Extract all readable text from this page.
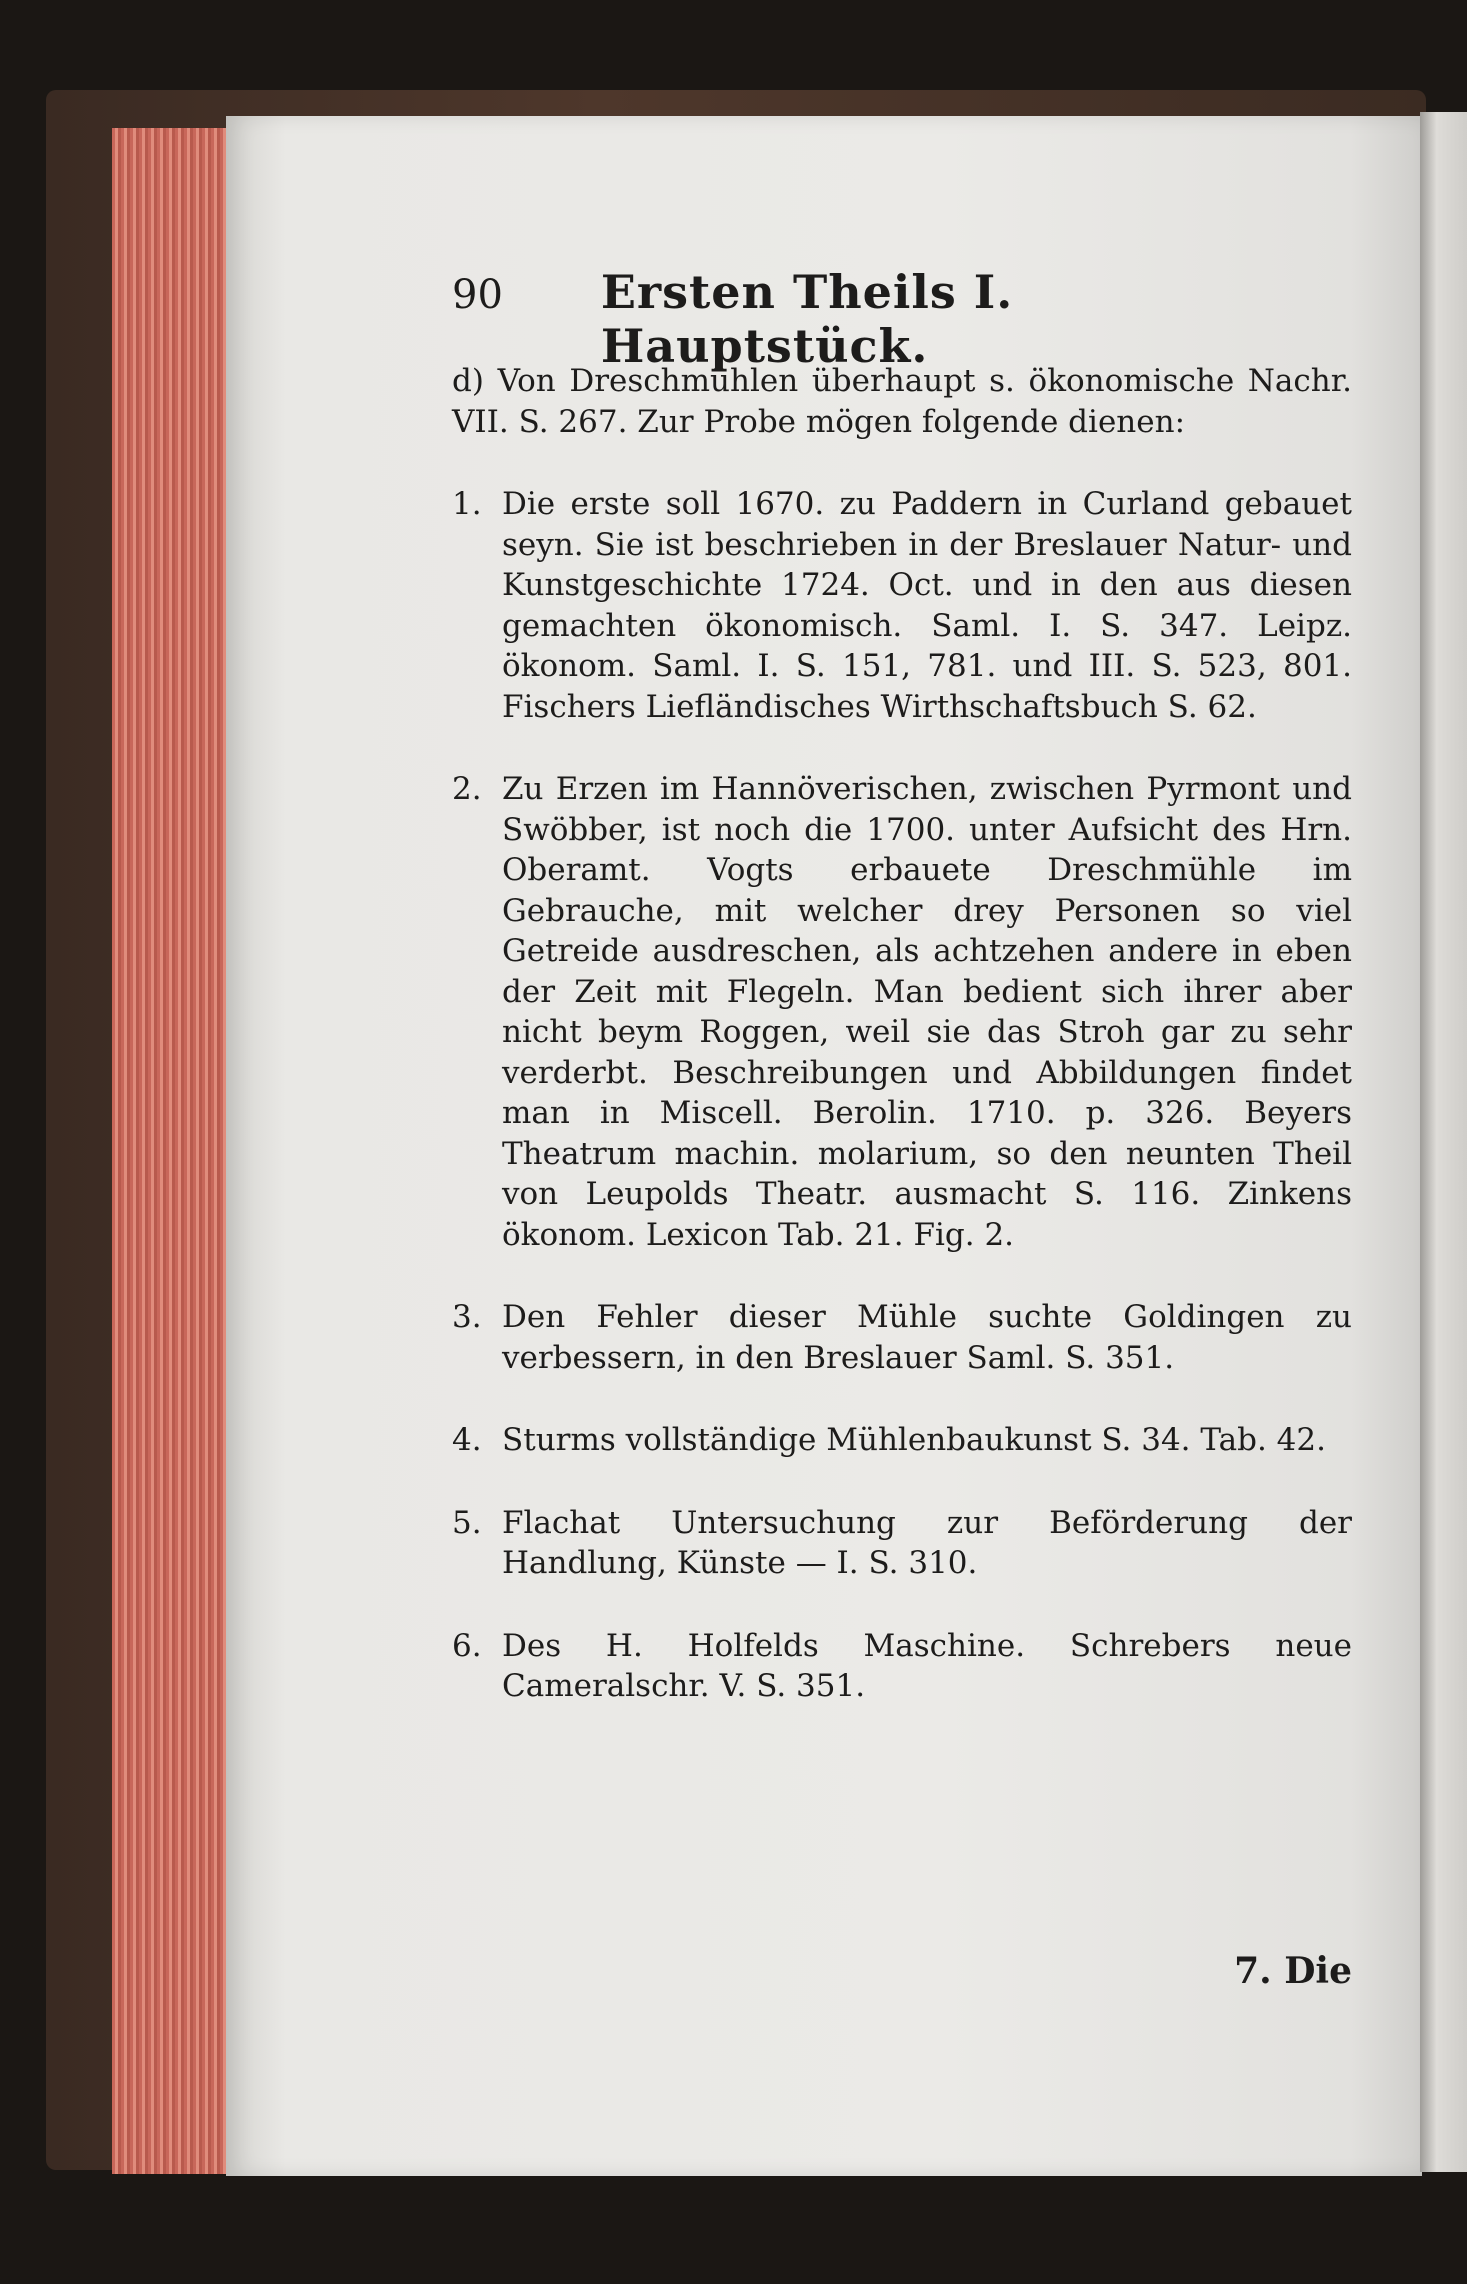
90	Ersten Theils I. Hauptstück.
d) Von Dreschmühlen überhaupt s. ökonomische Nachr. VII. S. 267. Zur Probe mögen folgende dienen:
1. Die erste soll 1670. zu Paddern in Curland gebauet seyn. Sie ist beschrieben in der Breslauer Natur- und Kunstgeschichte 1724. Oct. und in den aus diesen gemachten ökonomisch. Saml. I. S. 347. Leipz. ökonom. Saml. I. S. 151, 781. und III. S. 523, 801. Fischers Liefländisches Wirthschaftsbuch S. 62.
2. Zu Erzen im Hannöverischen, zwischen Pyrmont und Swöbber, ist noch die 1700. unter Aufsicht des Hrn. Oberamt. Vogts erbauete Dreschmühle im Gebrauche, mit welcher drey Personen so viel Getreide ausdreschen, als achtzehen andere in eben der Zeit mit Flegeln. Man bedient sich ihrer aber nicht beym Roggen, weil sie das Stroh gar zu sehr verderbt. Beschreibungen und Abbildungen findet man in Miscell. Berolin. 1710. p. 326. Beyers Theatrum machin. molarium, so den neunten Theil von Leupolds Theatr. ausmacht S. 116. Zinkens ökonom. Lexicon Tab. 21. Fig. 2.
3. Den Fehler dieser Mühle suchte Goldingen zu verbessern, in den Breslauer Saml. S. 351.
4. Sturms vollständige Mühlenbaukunst S. 34. Tab. 42.
5. Flachat Untersuchung zur Beförderung der Handlung, Künste — I. S. 310.
6. Des H. Holfelds Maschine. Schrebers neue Cameralschr. V. S. 351.
7. Die
